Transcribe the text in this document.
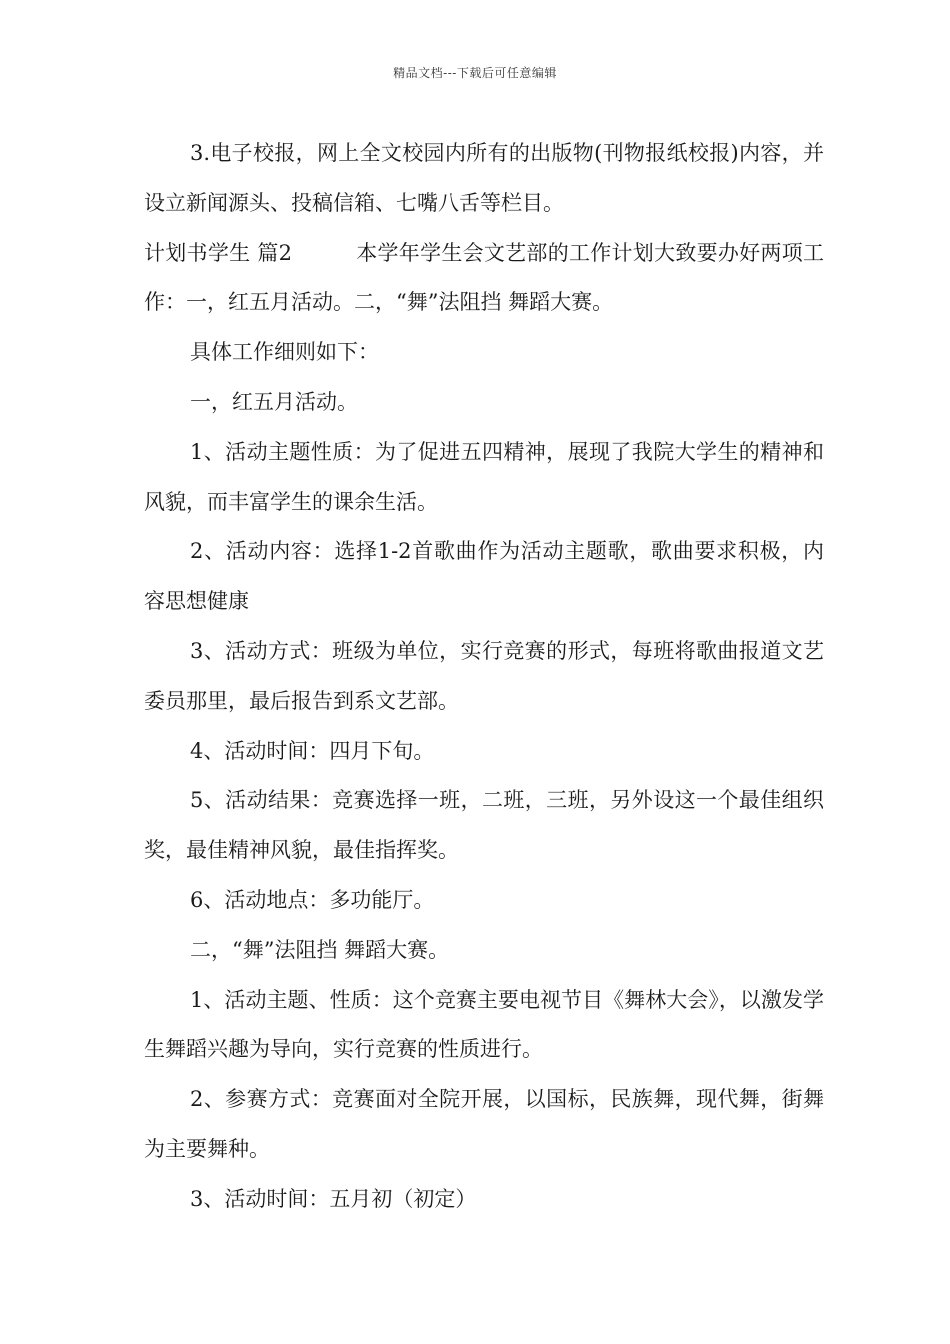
精品文档---下载后可任意编辑

3.电子校报，网上全文校园内所有的出版物(刊物报纸校报)内容，并设立新闻源头、投稿信箱、七嘴八舌等栏目。

计划书学生 篇2	本学年学生会文艺部的工作计划大致要办好两项工作：一，红五月活动。二，“舞”法阻挡 舞蹈大赛。

具体工作细则如下：

一，红五月活动。

1、活动主题性质：为了促进五四精神，展现了我院大学生的精神和风貌，而丰富学生的课余生活。

2、活动内容：选择1-2首歌曲作为活动主题歌，歌曲要求积极，内容思想健康

3、活动方式：班级为单位，实行竞赛的形式，每班将歌曲报道文艺委员那里，最后报告到系文艺部。

4、活动时间：四月下旬。

5、活动结果：竞赛选择一班，二班，三班，另外设这一个最佳组织奖，最佳精神风貌，最佳指挥奖。

6、活动地点：多功能厅。

二，“舞”法阻挡 舞蹈大赛。

1、活动主题、性质：这个竞赛主要电视节目《舞林大会》，以激发学生舞蹈兴趣为导向，实行竞赛的性质进行。

2、参赛方式：竞赛面对全院开展，以国标，民族舞，现代舞，街舞为主要舞种。

3、活动时间：五月初（初定）
